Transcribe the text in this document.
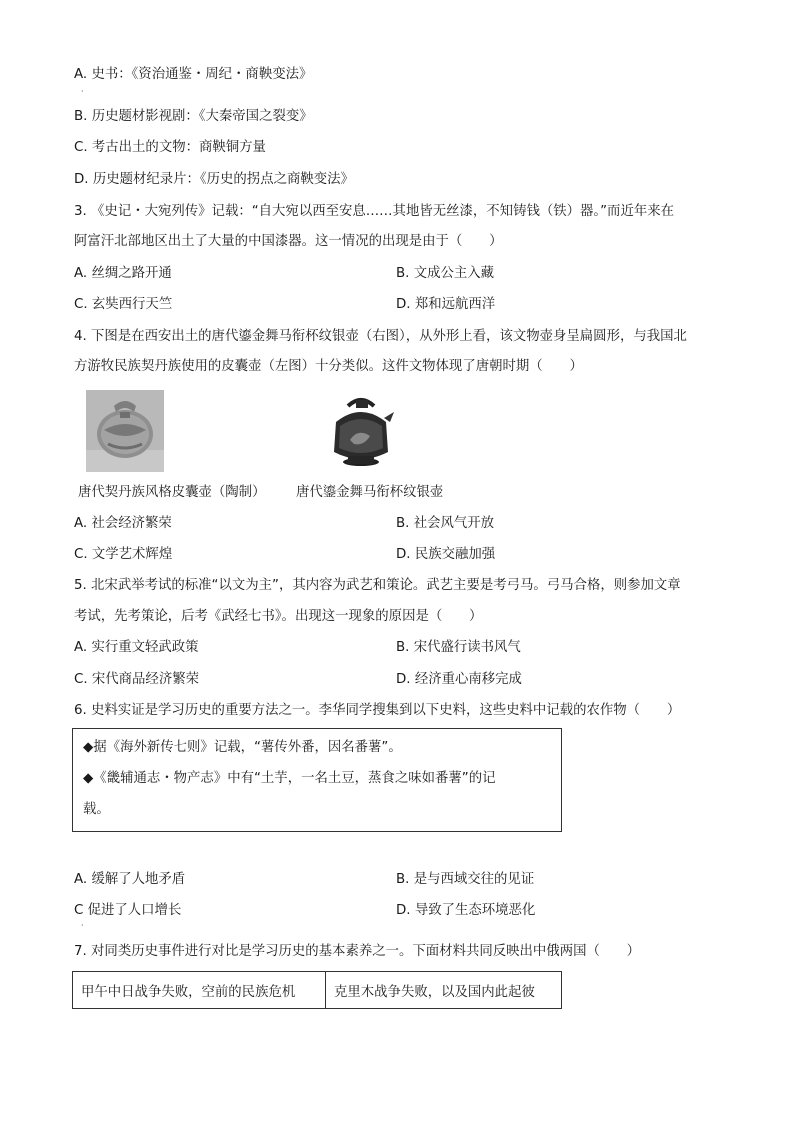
A. 史书：《资治通鉴・周纪・商鞅变法》
·
B. 历史题材影视剧：《大秦帝国之裂变》
C. 考古出土的文物：商鞅铜方量
D. 历史题材纪录片：《历史的拐点之商鞅变法》
3. 《史记・大宛列传》记载：“自大宛以西至安息……其地皆无丝漆，不知铸钱（铁）器。”而近年来在
阿富汗北部地区出土了大量的中国漆器。这一情况的出现是由于（　　）
A. 丝绸之路开通	B. 文成公主入藏
C. 玄奘西行天竺	D. 郑和远航西洋
4. 下图是在西安出土的唐代鎏金舞马衔杯纹银壶（右图），从外形上看，该文物壶身呈扁圆形，与我国北
方游牧民族契丹族使用的皮囊壶（左图）十分类似。这件文物体现了唐朝时期（　　）
唐代契丹族风格皮囊壶（陶制） 唐代鎏金舞马衔杯纹银壶
A. 社会经济繁荣	B. 社会风气开放
C. 文学艺术辉煌	D. 民族交融加强
5. 北宋武举考试的标准“以文为主”，其内容为武艺和策论。武艺主要是考弓马。弓马合格，则参加文章
考试，先考策论，后考《武经七书》。出现这一现象的原因是（　　）
A. 实行重文轻武政策	B. 宋代盛行读书风气
C. 宋代商品经济繁荣	D. 经济重心南移完成
6. 史料实证是学习历史的重要方法之一。李华同学搜集到以下史料，这些史料中记载的农作物（　　）

◆据《海外新传七则》记载，“薯传外番，因名番薯”。

◆《畿辅通志・物产志》中有“土芋，一名土豆，蒸食之味如番薯”的记

载。

A. 缓解了人地矛盾	B. 是与西域交往的见证
C 促进了人口增长	D. 导致了生态环境恶化
·
7. 对同类历史事件进行对比是学习历史的基本素养之一。下面材料共同反映出中俄两国（　　）
甲午中日战争失败，空前的民族危机	克里木战争失败，以及国内此起彼
